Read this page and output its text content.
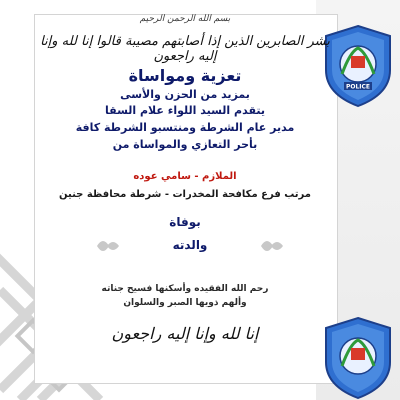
POLICE
بسم الله الرحمن الرحيم
بشر الصابرين الذين إذا أصابتهم مصيبة قالوا إنا لله وإنا إليه راجعون
تعزية ومواساة
بمزيد من الحزن والأسى
يتقدم السيد اللواء علام السقا
مدير عام الشرطة ومنتسبو الشرطة كافة
بأحر التعازي والمواساة من
الملازم - سامي عوده
مرتب فرع مكافحة المخدرات - شرطة محافظة جنين
بوفاة
والدته
رحم الله الفقيده وأسكنها فسيح جناته
وألهم ذويها الصبر والسلوان
إنا لله وإنا إليه راجعون
